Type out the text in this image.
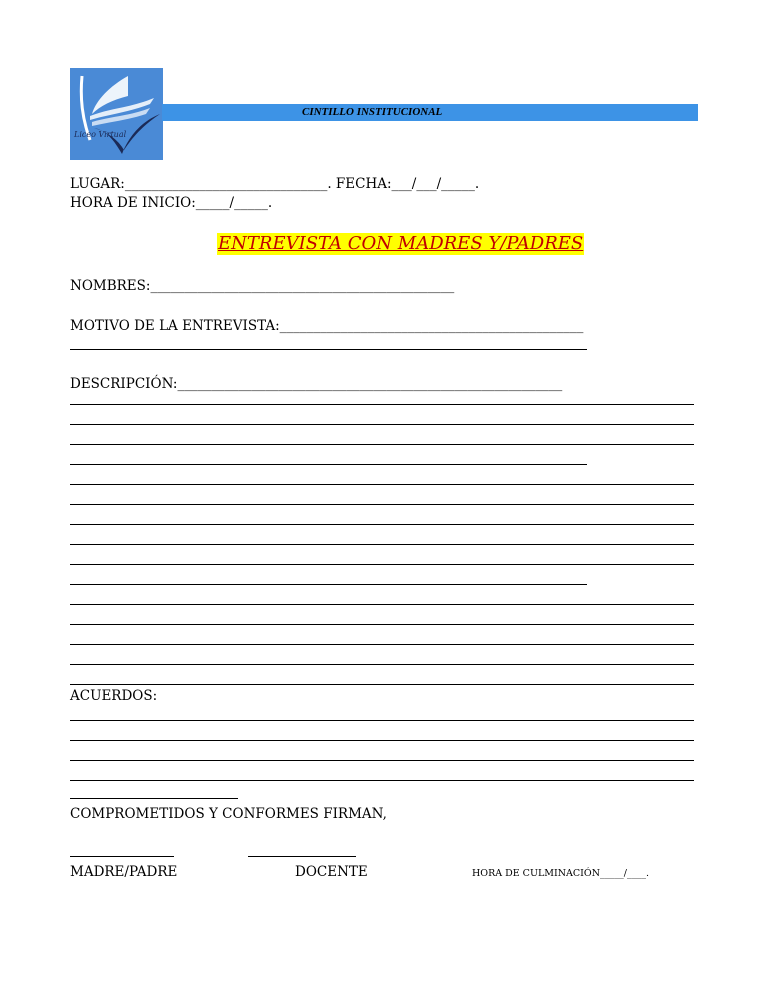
Liceo Virtual
CINTILLO INSTITUCIONAL
LUGAR:______________________________. FECHA:___/___/_____.
HORA DE INICIO:_____/_____.
ENTREVISTA CON MADRES Y/PADRES
NOMBRES:_____________________________________________
MOTIVO DE LA ENTREVISTA:_____________________________________________
DESCRIPCIÓN:_________________________________________________________
ACUERDOS:
COMPROMETIDOS Y CONFORMES FIRMAN,
MADRE/PADRE	DOCENTE	HORA DE CULMINACIÓN_____/____.
